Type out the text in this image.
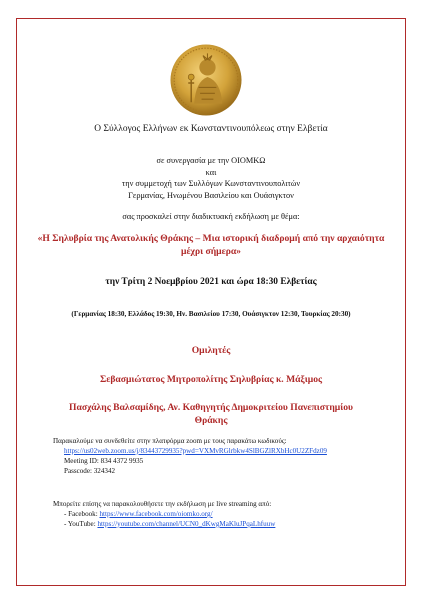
Ο Σύλλογος Ελλήνων εκ Κωνσταντινουπόλεως στην Ελβετία
σε συνεργασία με την ΟΙΟΜΚΩ
και
την συμμετοχή των Συλλόγων Κωνσταντινουπολιτών
Γερμανίας, Ηνωμένου Βασιλείου και Ουάσιγκτον
σας προσκαλεί στην διαδικτυακή εκδήλωση με θέμα:
«Η Σηλυβρία της Ανατολικής Θράκης – Μια ιστορική διαδρομή από την αρχαιότητα μέχρι σήμερα»
την Τρίτη 2 Νοεμβρίου 2021 και ώρα 18:30 Ελβετίας
(Γερμανίας 18:30, Ελλάδος 19:30, Ην. Βασιλείου 17:30, Ουάσιγκτον 12:30, Τουρκίας 20:30)
Ομιλητές
Σεβασμιώτατος Μητροπολίτης Σηλυβρίας κ. Μάξιμος
Πασχάλης Βαλσαμίδης, Αν. Καθηγητής Δημοκριτείου Πανεπιστημίου Θράκης
Παρακαλούμε να συνδεθείτε στην πλατφόρμα zoom με τους παρακάτω κωδικούς:
https://us02web.zoom.us/j/83443729935?pwd=VXMvRGlrbkw4SlBGZlRXbHc0U2ZFdz09
Meeting ID: 834 4372 9935
Passcode: 324342
Μπορείτε επίσης να παρακολουθήσετε την εκδήλωση με live streaming από:
- Facebook: https://www.facebook.com/oiomko.org/
- YouTube: https://youtube.com/channel/UCN0_dKwgMaKluJPqaLhfuuw
